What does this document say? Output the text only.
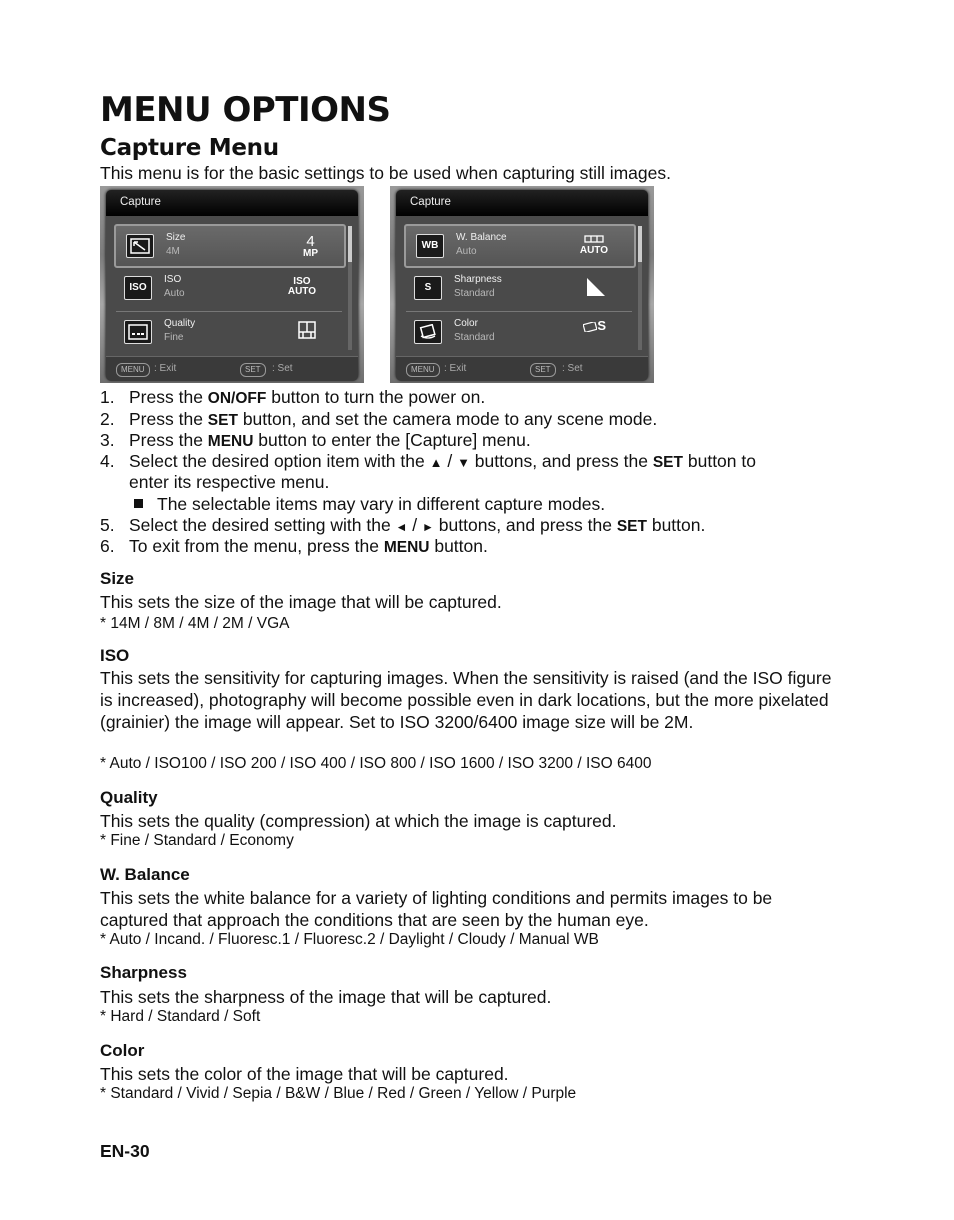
MENU OPTIONS
Capture Menu
This menu is for the basic settings to be used when capturing still images.
Capture
Size
4M
4
MP
ISO
ISO
Auto
ISO
AUTO
Quality
Fine
MENU : Exit	SET	: Set
Capture
WB
W. Balance
Auto	AUTO
S
Sharpness
Standard
Color
Standard
S
MENU : Exit	SET	: Set
1. Press the ON/OFF button to turn the power on.
2. Press the SET button, and set the camera mode to any scene mode.
3. Press the MENU button to enter the [Capture] menu.
4. Select the desired option item with the ▲ / ▼ buttons, and press the SET button to
enter its respective menu.
The selectable items may vary in different capture modes.
5. Select the desired setting with the ◄ / ► buttons, and press the SET button.
6. To exit from the menu, press the MENU button.
Size
This sets the size of the image that will be captured.
* 14M / 8M / 4M / 2M / VGA
ISO
This sets the sensitivity for capturing images. When the sensitivity is raised (and the ISO figure is increased), photography will become possible even in dark locations, but the more pixelated (grainier) the image will appear. Set to ISO 3200/6400 image size will be 2M.
* Auto / ISO100 / ISO 200 / ISO 400 / ISO 800 / ISO 1600 / ISO 3200 / ISO 6400
Quality
This sets the quality (compression) at which the image is captured.
* Fine / Standard / Economy
W. Balance
This sets the white balance for a variety of lighting conditions and permits images to be captured that approach the conditions that are seen by the human eye.
* Auto / Incand. / Fluoresc.1 / Fluoresc.2 / Daylight / Cloudy / Manual WB
Sharpness
This sets the sharpness of the image that will be captured.
* Hard / Standard / Soft
Color
This sets the color of the image that will be captured.
* Standard / Vivid / Sepia / B&W / Blue / Red / Green / Yellow / Purple
EN-30
